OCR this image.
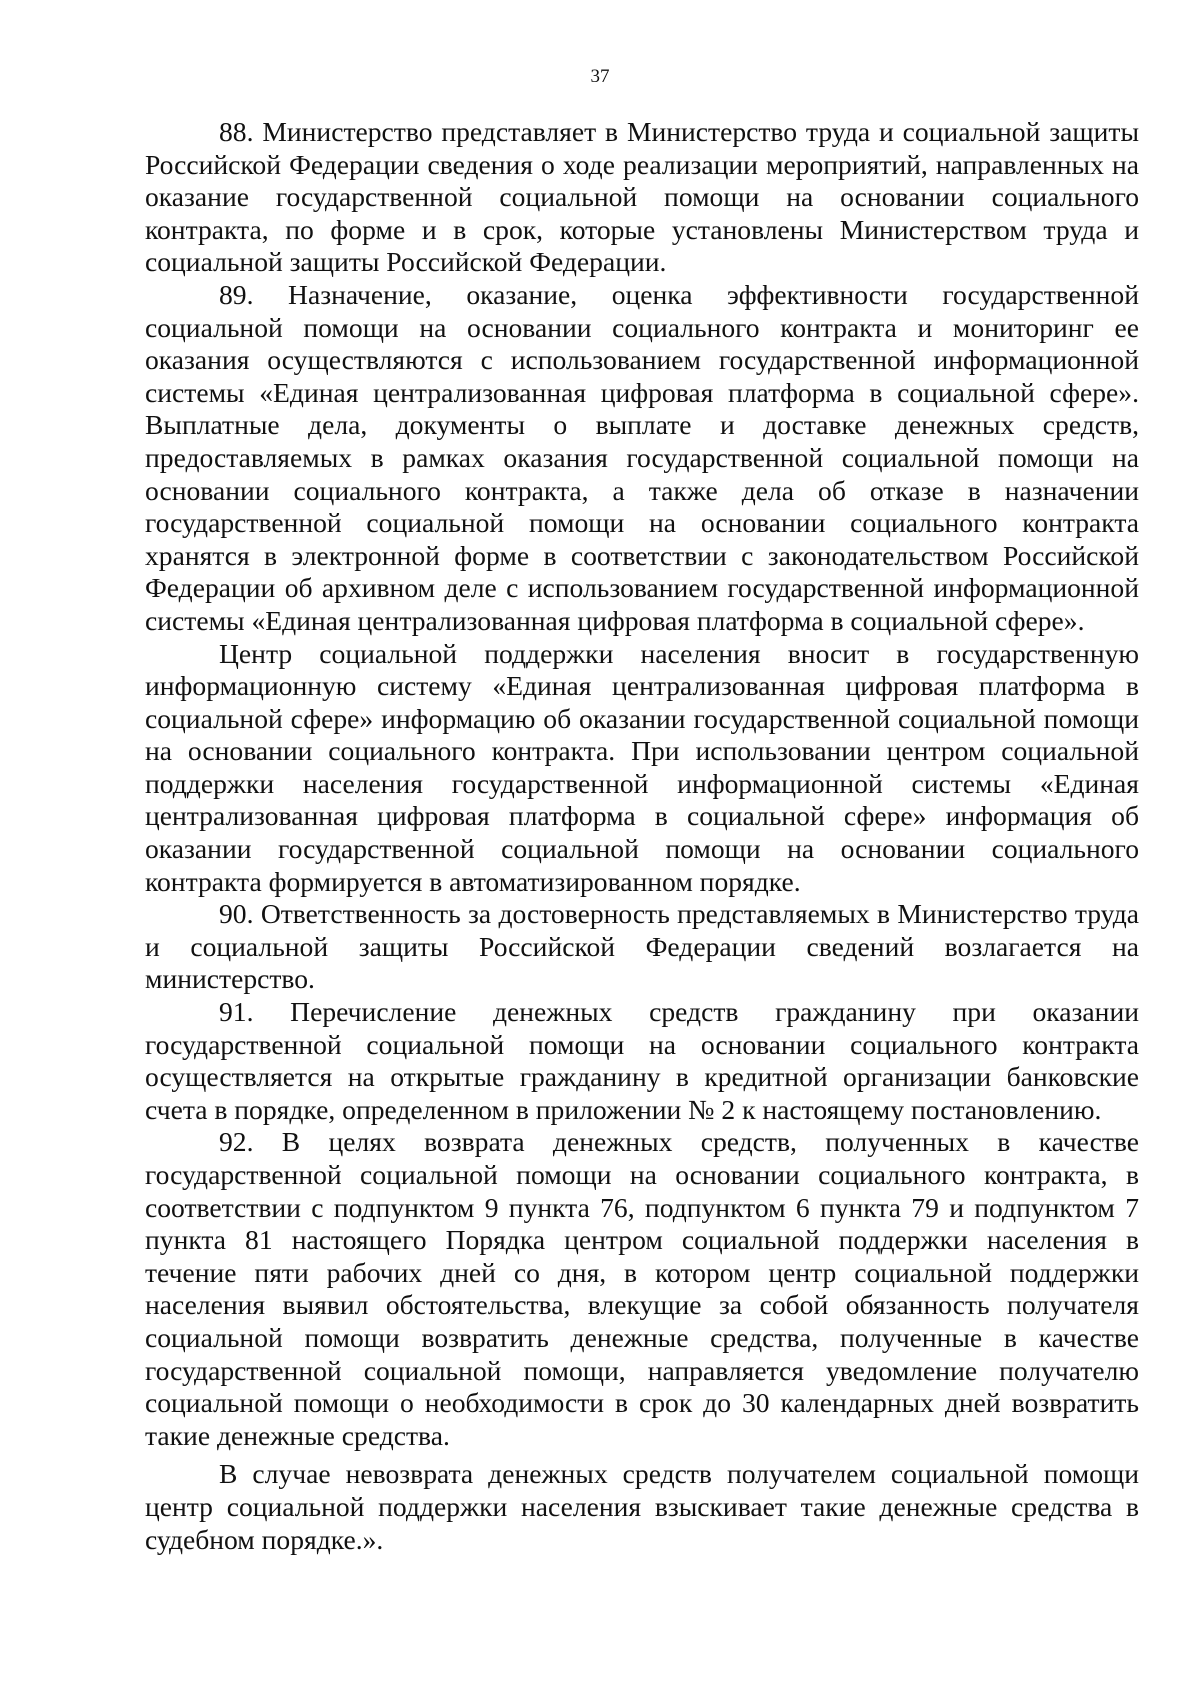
37

88. Министерство представляет в Министерство труда и социальной защиты Российской Федерации сведения о ходе реализации мероприятий, направленных на оказание государственной социальной помощи на основании социального контракта, по форме и в срок, которые установлены Министерством труда и социальной защиты Российской Федерации.

89. Назначение, оказание, оценка эффективности государственной социальной помощи на основании социального контракта и мониторинг ее оказания осуществляются с использованием государственной информационной системы «Единая централизованная цифровая платформа в социальной сфере». Выплатные дела, документы о выплате и доставке денежных средств, предоставляемых в рамках оказания государственной социальной помощи на основании социального контракта, а также дела об отказе в назначении государственной социальной помощи на основании социального контракта хранятся в электронной форме в соответствии с законодательством Российской Федерации об архивном деле с использованием государственной информационной системы «Единая централизованная цифровая платформа в социальной сфере».

Центр социальной поддержки населения вносит в государственную информационную систему «Единая централизованная цифровая платформа в социальной сфере» информацию об оказании государственной социальной помощи на основании социального контракта. При использовании центром социальной поддержки населения государственной информационной системы «Единая централизованная цифровая платформа в социальной сфере» информация об оказании государственной социальной помощи на основании социального контракта формируется в автоматизированном порядке.

90. Ответственность за достоверность представляемых в Министерство труда и социальной защиты Российской Федерации сведений возлагается на министерство.

91. Перечисление денежных средств гражданину при оказании государственной социальной помощи на основании социального контракта осуществляется на открытые гражданину в кредитной организации банковские счета в порядке, определенном в приложении № 2 к настоящему постановлению.

92. В целях возврата денежных средств, полученных в качестве государственной социальной помощи на основании социального контракта, в соответствии с подпунктом 9 пункта 76, подпунктом 6 пункта 79 и подпунктом 7 пункта 81 настоящего Порядка центром социальной поддержки населения в течение пяти рабочих дней со дня, в котором центр социальной поддержки населения выявил обстоятельства, влекущие за собой обязанность получателя социальной помощи возвратить денежные средства, полученные в качестве государственной социальной помощи, направляется уведомление получателю социальной помощи о необходимости в срок до 30 календарных дней возвратить такие денежные средства.

В случае невозврата денежных средств получателем социальной помощи центр социальной поддержки населения взыскивает такие денежные средства в судебном порядке.».
